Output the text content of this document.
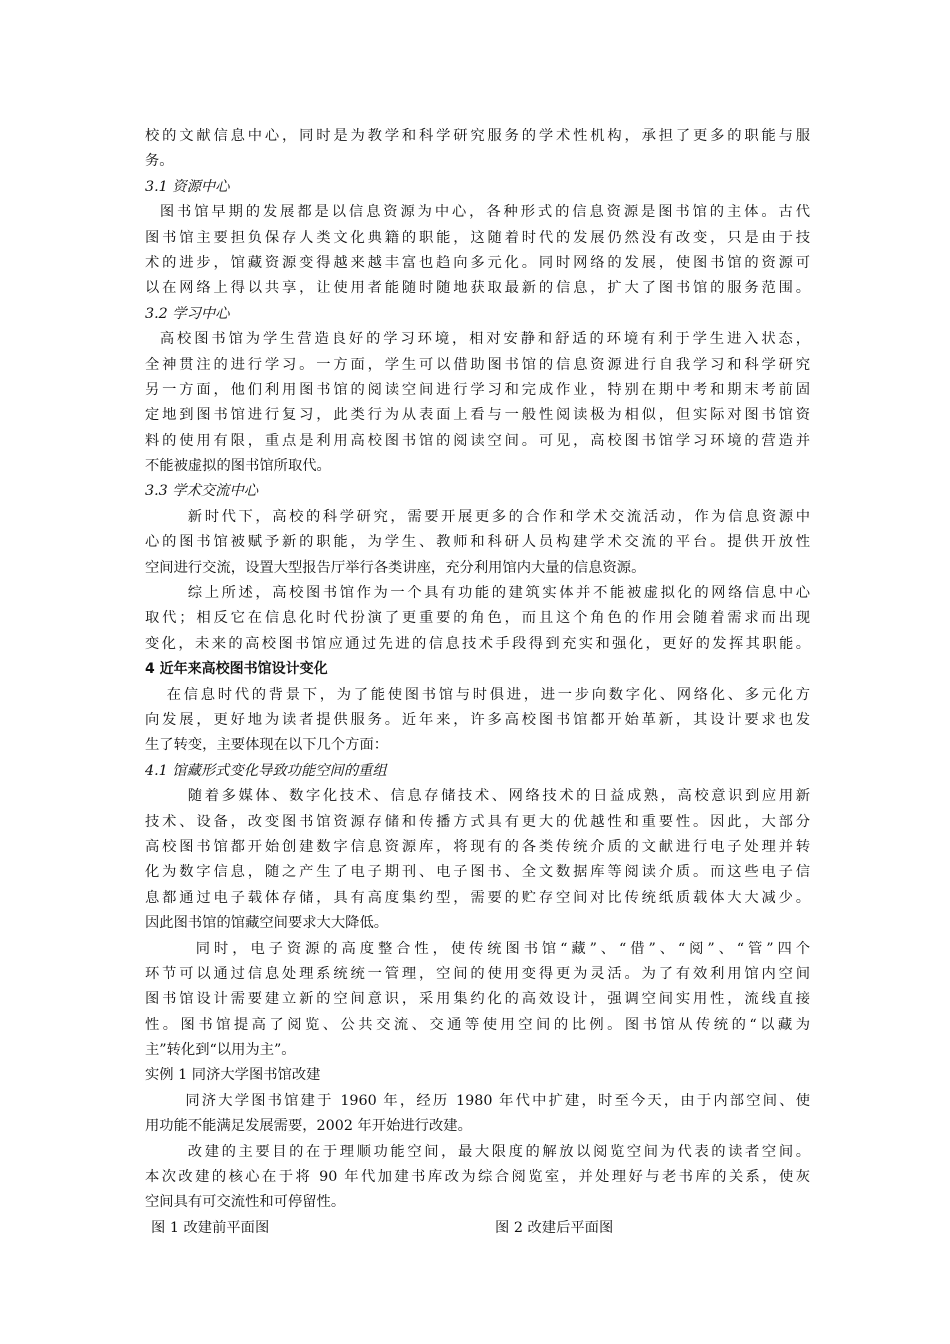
校的文献信息中心，同时是为教学和科学研究服务的学术性机构，承担了更多的职能与服
务。
3.1 资源中心
图书馆早期的发展都是以信息资源为中心，各种形式的信息资源是图书馆的主体。古代
图书馆主要担负保存人类文化典籍的职能，这随着时代的发展仍然没有改变，只是由于技
术的进步，馆藏资源变得越来越丰富也趋向多元化。同时网络的发展，使图书馆的资源可
以在网络上得以共享，让使用者能随时随地获取最新的信息，扩大了图书馆的服务范围。
3.2 学习中心
高校图书馆为学生营造良好的学习环境，相对安静和舒适的环境有利于学生进入状态，
全神贯注的进行学习。一方面，学生可以借助图书馆的信息资源进行自我学习和科学研究
另一方面，他们利用图书馆的阅读空间进行学习和完成作业，特别在期中考和期末考前固
定地到图书馆进行复习，此类行为从表面上看与一般性阅读极为相似，但实际对图书馆资
料的使用有限，重点是利用高校图书馆的阅读空间。可见，高校图书馆学习环境的营造并
不能被虚拟的图书馆所取代。
3.3 学术交流中心
新时代下，高校的科学研究，需要开展更多的合作和学术交流活动，作为信息资源中
心的图书馆被赋予新的职能，为学生、教师和科研人员构建学术交流的平台。提供开放性
空间进行交流，设置大型报告厅举行各类讲座，充分利用馆内大量的信息资源。
综上所述，高校图书馆作为一个具有功能的建筑实体并不能被虚拟化的网络信息中心
取代；相反它在信息化时代扮演了更重要的角色，而且这个角色的作用会随着需求而出现
变化，未来的高校图书馆应通过先进的信息技术手段得到充实和强化，更好的发挥其职能。
4 近年来高校图书馆设计变化
在信息时代的背景下，为了能使图书馆与时俱进，进一步向数字化、网络化、多元化方
向发展，更好地为读者提供服务。近年来，许多高校图书馆都开始革新，其设计要求也发
生了转变，主要体现在以下几个方面：
4.1 馆藏形式变化导致功能空间的重组
随着多媒体、数字化技术、信息存储技术、网络技术的日益成熟，高校意识到应用新
技术、设备，改变图书馆资源存储和传播方式具有更大的优越性和重要性。因此，大部分
高校图书馆都开始创建数字信息资源库，将现有的各类传统介质的文献进行电子处理并转
化为数字信息，随之产生了电子期刊、电子图书、全文数据库等阅读介质。而这些电子信
息都通过电子载体存储，具有高度集约型，需要的贮存空间对比传统纸质载体大大减少。
因此图书馆的馆藏空间要求大大降低。
同时，电子资源的高度整合性，使传统图书馆“藏”、“借”、“阅”、“管”四个
环节可以通过信息处理系统统一管理，空间的使用变得更为灵活。为了有效利用馆内空间
图书馆设计需要建立新的空间意识，采用集约化的高效设计，强调空间实用性，流线直接
性。图书馆提高了阅览、公共交流、交通等使用空间的比例。图书馆从传统的“以藏为
主”转化到“以用为主”。
实例 1 同济大学图书馆改建
同济大学图书馆建于 1960 年，经历 1980 年代中扩建，时至今天，由于内部空间、使
用功能不能满足发展需要，2002 年开始进行改建。
改建的主要目的在于理顺功能空间，最大限度的解放以阅览空间为代表的读者空间。
本次改建的核心在于将 90 年代加建书库改为综合阅览室，并处理好与老书库的关系，使灰
空间具有可交流性和可停留性。
图 1 改建前平面图	图 2 改建后平面图
